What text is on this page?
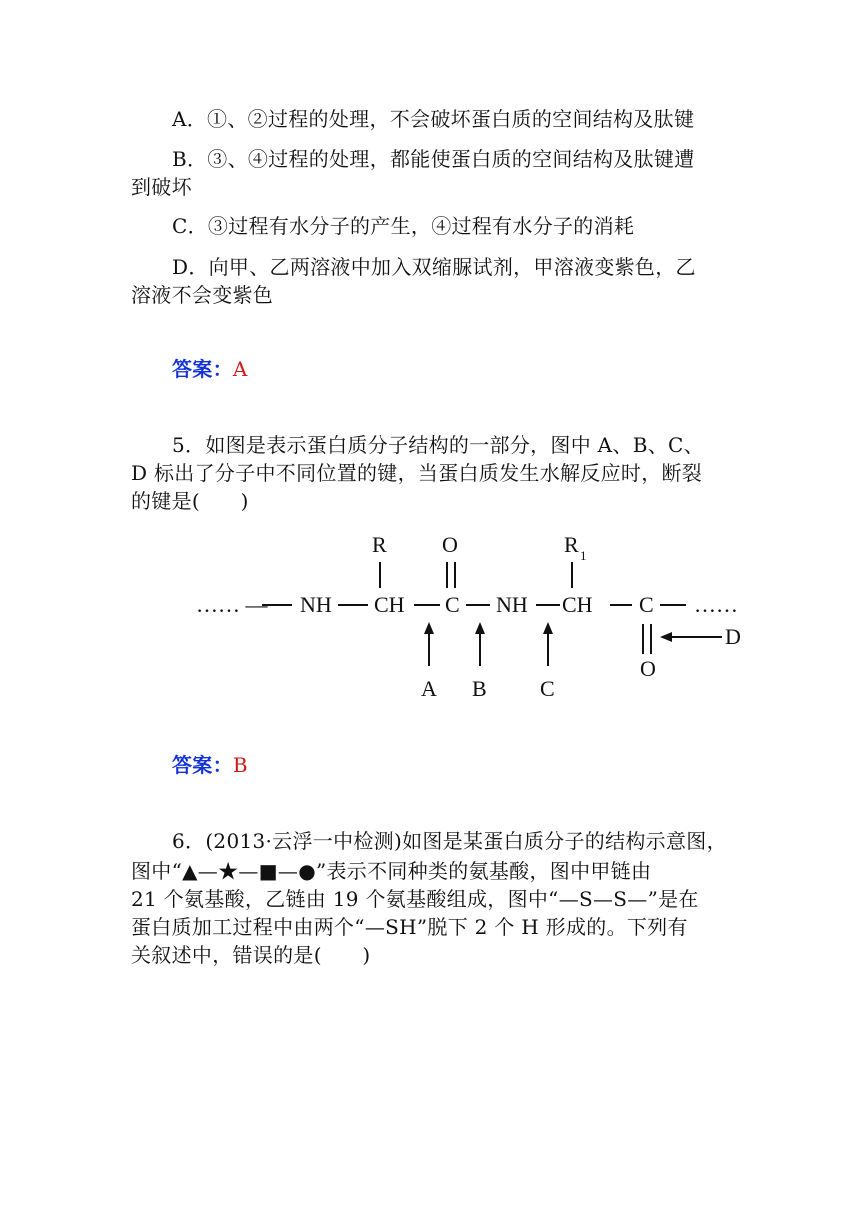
A．①、②过程的处理，不会破坏蛋白质的空间结构及肽键
B．③、④过程的处理，都能使蛋白质的空间结构及肽键遭
到破坏
C．③过程有水分子的产生，④过程有水分子的消耗
D．向甲、乙两溶液中加入双缩脲试剂，甲溶液变紫色，乙
溶液不会变紫色
答案：A
5．如图是表示蛋白质分子结构的一部分，图中 A、B、C、
D 标出了分子中不同位置的键，当蛋白质发生水解反应时，断裂
的键是(　　)
…… — NH CH C NH CH C ……
R	O	R 1
O
A B C
D
答案：B
6．(2013·云浮一中检测)如图是某蛋白质分子的结构示意图，
图中“▲—★—■—●”表示不同种类的氨基酸，图中甲链由
21 个氨基酸，乙链由 19 个氨基酸组成，图中“—S—S—”是在
蛋白质加工过程中由两个“—SH”脱下 2 个 H 形成的。下列有
关叙述中，错误的是(　　)
